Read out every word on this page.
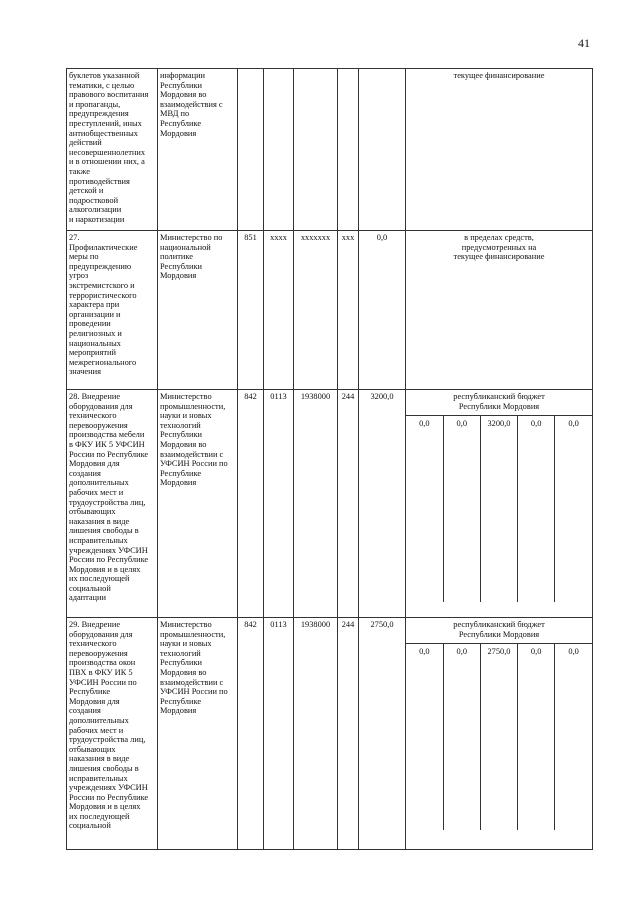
41
буклетов указанной
тематики, с целью
правового воспитания
и пропаганды,
предупреждения
преступлений, иных
антиобщественных
действий
несовершеннолетних
и в отношении них, а
также
противодействия
детской и
подростковой
алкоголизации
и наркотизации	информации
Республики
Мордовия во
взаимодействия с
МВД по
Республике
Мордовия						текущее финансирование
27.
Профилактические
меры по
предупреждению
угроз
экстремистского и
террористического
характера при
организации и
проведении
религиозных и
национальных
мероприятий
межрегионального
значения	Министерство по
национальной
политике
Республики
Мордовия	851	хххх	ххххххх	ххх	0,0	в пределах средств,
предусмотренных на
текущее финансирование
28. Внедрение
оборудования для
технического
перевооружения
производства мебели
в ФКУ ИК 5 УФСИН
России по Республике
Мордовия для
создания
дополнительных
рабочих мест и
трудоустройства лиц,
отбывающих
наказания в виде
лишения свободы в
исправительных
учреждениях УФСИН
России по Республике
Мордовия и в целях
их последующей
социальной
адаптации	Министерство
промышленности,
науки и новых
технологий
Республики
Мордовия во
взаимодействии с
УФСИН России по
Республике
Мордовия	842	0113	1938000	244	3200,0	республиканский бюджет
Республики Мордовия
0,0	0,0	3200,0	0,0	0,0

29. Внедрение
оборудования для
технического
перевооружения
производства окон
ПВХ в ФКУ ИК 5
УФСИН России по
Республике
Мордовия для
создания
дополнительных
рабочих мест и
трудоустройства лиц,
отбывающих
наказания в виде
лишения свободы в
исправительных
учреждениях УФСИН
России по Республике
Мордовия и в целях
их последующей
социальной	Министерство
промышленности,
науки и новых
технологий
Республики
Мордовия во
взаимодействии с
УФСИН России по
Республике
Мордовия	842	0113	1938000	244	2750,0	республиканский бюджет
Республики Мордовия
0,0	0,0	2750,0	0,0	0,0
